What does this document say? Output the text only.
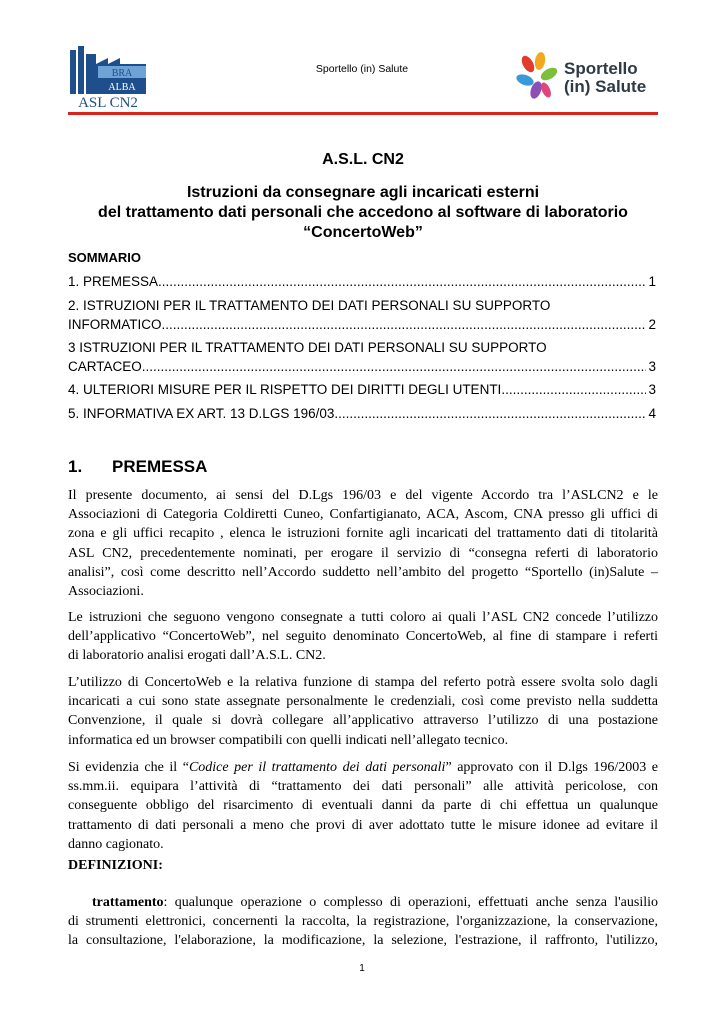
BRA
ALBA
ASL CN2
Sportello (in) Salute	Sportello
(in) Salute
A.S.L. CN2
Istruzioni da consegnare agli incaricati esterni
del trattamento dati personali che accedono al software di laboratorio
“ConcertoWeb”
SOMMARIO
1. PREMESSA .....	1
2. ISTRUZIONI PER IL TRATTAMENTO DEI DATI PERSONALI SU SUPPORTO
INFORMATICO .....	2
3 ISTRUZIONI PER IL TRATTAMENTO DEI DATI PERSONALI SU SUPPORTO
CARTACEO .....	3
4. ULTERIORI MISURE PER IL RISPETTO DEI DIRITTI DEGLI UTENTI .....	3
5. INFORMATIVA EX ART. 13 D.LGS 196/03 .....	4
1. PREMESSA

Il presente documento, ai sensi del D.Lgs 196/03 e del vigente Accordo tra l’ASLCN2 e le

Associazioni di Categoria Coldiretti Cuneo, Confartigianato, ACA, Ascom, CNA presso gli uffici di

zona e gli uffici recapito , elenca le istruzioni fornite agli incaricati del trattamento dati di titolarità

ASL CN2, precedentemente nominati, per erogare il servizio di “consegna referti di laboratorio

analisi”, così come descritto nell’Accordo suddetto nell’ambito del progetto “Sportello (in)Salute –

Associazioni.

Le istruzioni che seguono vengono consegnate a tutti coloro ai quali l’ASL CN2 concede l’utilizzo

dell’applicativo “ConcertoWeb”, nel seguito denominato ConcertoWeb, al fine di stampare i referti

di laboratorio analisi erogati dall’A.S.L. CN2.

L’utilizzo di ConcertoWeb e la relativa funzione di stampa del referto potrà essere svolta solo dagli

incaricati a cui sono state assegnate personalmente le credenziali, così come previsto nella suddetta

Convenzione, il quale si dovrà collegare all’applicativo attraverso l’utilizzo di una postazione

informatica ed un browser compatibili con quelli indicati nell’allegato tecnico.

Si evidenzia che il “Codice per il trattamento dei dati personali” approvato con il D.lgs 196/2003 e

ss.mm.ii. equipara l’attività di “trattamento dei dati personali” alle attività pericolose, con

conseguente obbligo del risarcimento di eventuali danni da parte di chi effettua un qualunque

trattamento di dati personali a meno che provi di aver adottato tutte le misure idonee ad evitare il

danno cagionato.

DEFINIZIONI:

trattamento: qualunque operazione o complesso di operazioni, effettuati anche senza l'ausilio

di strumenti elettronici, concernenti la raccolta, la registrazione, l'organizzazione, la conservazione,

la consultazione, l'elaborazione, la modificazione, la selezione, l'estrazione, il raffronto, l'utilizzo,

1
